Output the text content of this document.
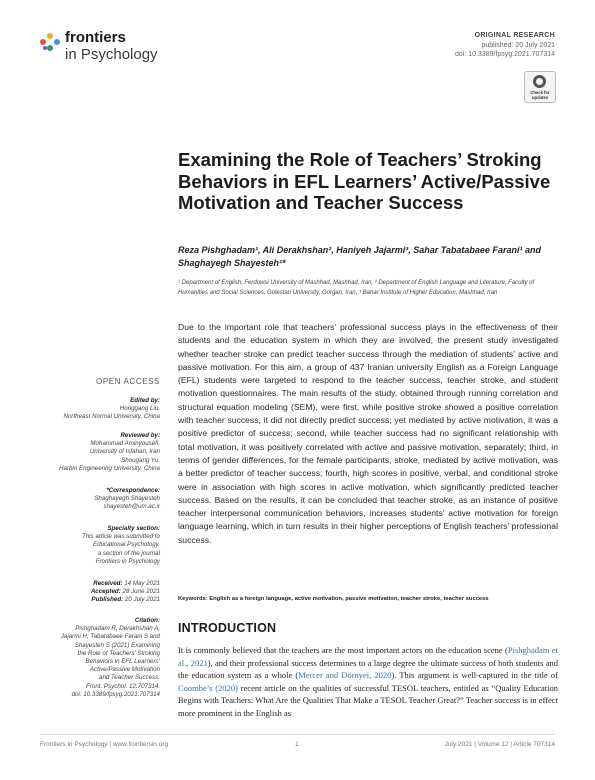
frontiers
in Psychology
ORIGINAL RESEARCH
published: 20 July 2021
doi: 10.3389/fpsyg.2021.707314
Check for updates
Examining the Role of Teachers’ Stroking Behaviors in EFL Learners’ Active/Passive Motivation and Teacher Success
Reza Pishghadam¹, Ali Derakhshan², Haniyeh Jajarmi³, Sahar Tabatabaee Farani¹ and Shaghayegh Shayesteh¹*
¹ Department of English, Ferdowsi University of Mashhad, Mashhad, Iran, ² Department of English Language and Literature, Faculty of Humanities and Social Sciences, Golestan University, Gorgan, Iran, ³ Bahar Institute of Higher Education, Mashhad, Iran
Due to the important role that teachers’ professional success plays in the effectiveness of their students and the education system in which they are involved, the present study investigated whether teacher stroke can predict teacher success through the mediation of students’ active and passive motivation. For this aim, a group of 437 Iranian university English as a Foreign Language (EFL) students were targeted to respond to the teacher success, teacher stroke, and student motivation questionnaires. The main results of the study, obtained through running correlation and structural equation modeling (SEM), were first, while positive stroke showed a positive correlation with teacher success, it did not directly predict success; yet mediated by active motivation, it was a positive predictor of success; second, while teacher success had no significant relationship with total motivation, it was positively correlated with active and passive motivation, separately; third, in terms of gender differences, for the female participants, stroke, mediated by active motivation, was a better predictor of teacher success; fourth, high scores in positive, verbal, and conditional stroke were in association with high scores in active motivation, which significantly predicted teacher success. Based on the results, it can be concluded that teacher stroke, as an instance of positive teacher interpersonal communication behaviors, increases students’ active motivation for foreign language learning, which in turn results in their higher perceptions of English teachers’ professional success.
Keywords: English as a foreign language, active motivation, passive motivation, teacher stroke, teacher success
INTRODUCTION
It is commonly believed that the teachers are the most important actors on the education scene (Pishghadam et al., 2021), and their professional success determines to a large degree the ultimate success of both students and the education system as a whole (Mercer and Dörnyei, 2020). This argument is well-captured in the title of Coombe’s (2020) recent article on the qualities of successful TESOL teachers, entitled as “Quality Education Begins with Teachers: What Are the Qualities That Make a TESOL Teacher Great?” Teacher success is in effect more prominent in the English as
OPEN ACCESS
Edited by:
Honggang Liu,
Northeast Normal University, China
Reviewed by:
Mohammad Aminyousefi,
University of Isfahan, Iran
Shougang Yu,
Harbin Engineering University, China
*Correspondence:
Shaghayegh Shayesteh
shayesteh@um.ac.ir
Specialty section:
This article was submitted to
Educational Psychology,
a section of the journal
Frontiers in Psychology
Received: 14 May 2021
Accepted: 28 June 2021
Published: 20 July 2021
Citation:
Pishghadam R, Derakhshan A,
Jajarmi H, Tabatabaee Farani S and
Shayesteh S (2021) Examining
the Role of Teachers’ Stroking
Behaviors in EFL Learners’
Active/Passive Motivation
and Teacher Success.
Front. Psychol. 12:707314.
doi: 10.3389/fpsyg.2021.707314
Frontiers in Psychology | www.frontiersin.org	1	July 2021 | Volume 12 | Article 707314
